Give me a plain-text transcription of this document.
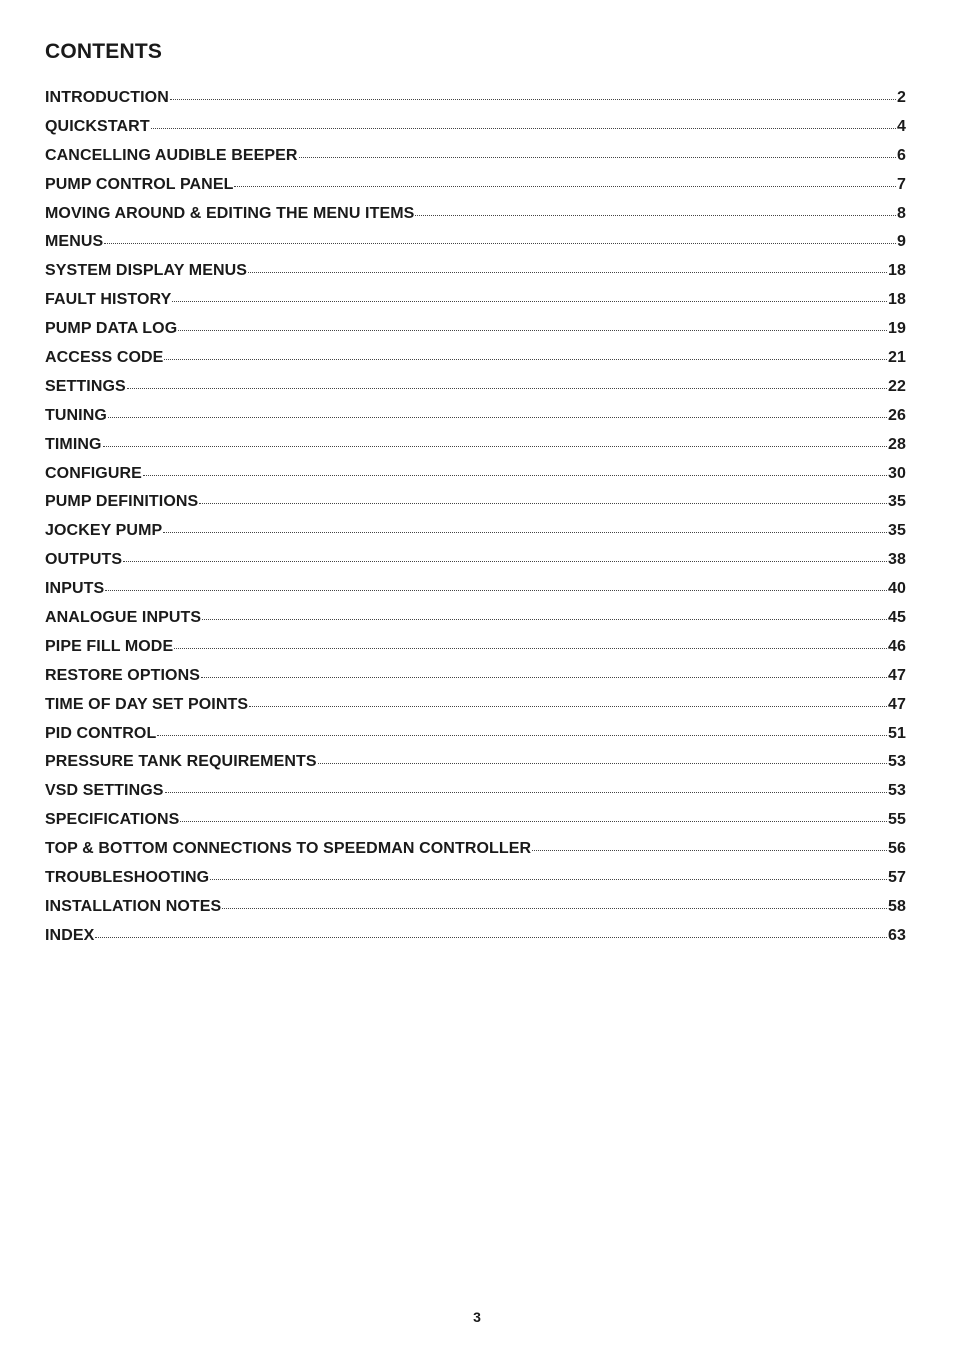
CONTENTS
INTRODUCTION	2
QUICKSTART	4
CANCELLING AUDIBLE BEEPER	6
PUMP CONTROL PANEL	7
MOVING AROUND & EDITING THE MENU ITEMS	8
MENUS	9
SYSTEM DISPLAY MENUS	18
FAULT HISTORY	18
PUMP DATA LOG	19
ACCESS CODE	21
SETTINGS	22
TUNING	26
TIMING	28
CONFIGURE	30
PUMP DEFINITIONS	35
JOCKEY PUMP	35
OUTPUTS	38
INPUTS	40
ANALOGUE INPUTS	45
PIPE FILL MODE	46
RESTORE OPTIONS	47
TIME OF DAY SET POINTS	47
PID CONTROL	51
PRESSURE TANK REQUIREMENTS	53
VSD SETTINGS	53
SPECIFICATIONS	55
TOP & BOTTOM CONNECTIONS TO SPEEDMAN CONTROLLER	56
TROUBLESHOOTING	57
INSTALLATION NOTES	58
INDEX	63
3
